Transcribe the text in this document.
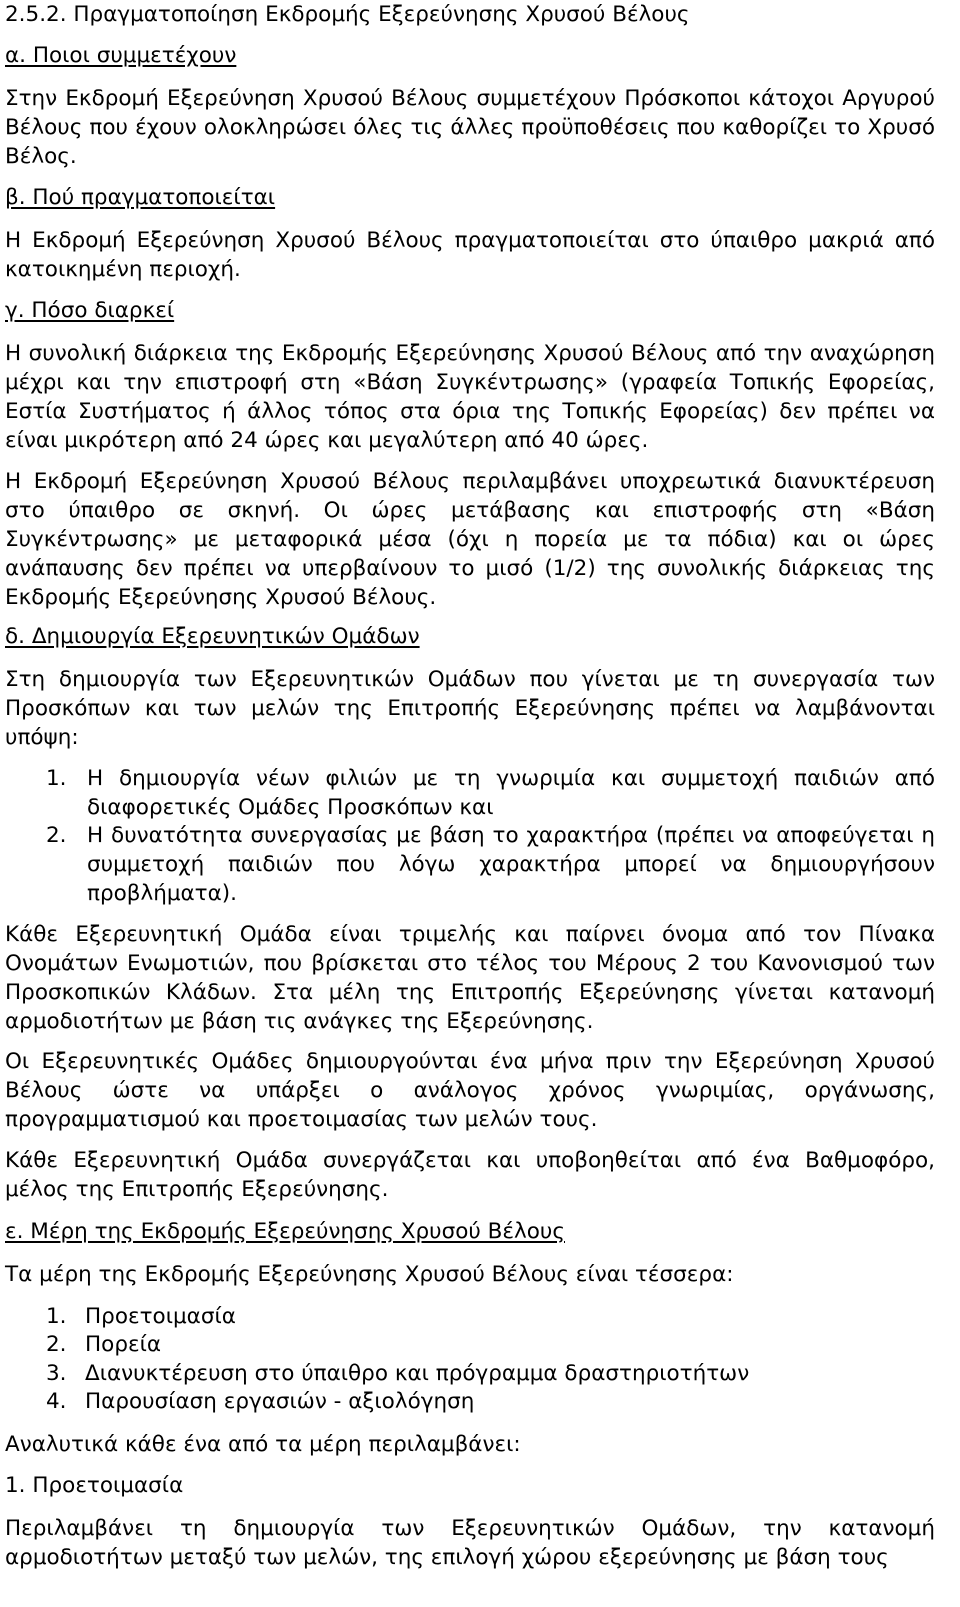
2.5.2. Πραγματοποίηση Εκδρομής Εξερεύνησης Χρυσού Βέλους
α. Ποιοι συμμετέχουν
Στην Εκδρομή Εξερεύνηση Χρυσού Βέλους συμμετέχουν Πρόσκοποι κάτοχοι Αργυρού Βέλους που έχουν ολοκληρώσει όλες τις άλλες προϋποθέσεις που καθορίζει το Χρυσό Βέλος.
β. Πού πραγματοποιείται
Η Εκδρομή Εξερεύνηση Χρυσού Βέλους πραγματοποιείται στο ύπαιθρο μακριά από κατοικημένη περιοχή.
γ. Πόσο διαρκεί
Η συνολική διάρκεια της Εκδρομής Εξερεύνησης Χρυσού Βέλους από την αναχώρηση μέχρι και την επιστροφή στη «Βάση Συγκέντρωσης» (γραφεία Τοπικής Εφορείας, Εστία Συστήματος ή άλλος τόπος στα όρια της Τοπικής Εφορείας) δεν πρέπει να είναι μικρότερη από 24 ώρες και μεγαλύτερη από 40 ώρες.
Η Εκδρομή Εξερεύνηση Χρυσού Βέλους περιλαμβάνει υποχρεωτικά διανυκτέρευση στο ύπαιθρο σε σκηνή. Οι ώρες μετάβασης και επιστροφής στη «Βάση Συγκέντρωσης» με μεταφορικά μέσα (όχι η πορεία με τα πόδια) και οι ώρες ανάπαυσης δεν πρέπει να υπερβαίνουν το μισό (1/2) της συνολικής διάρκειας της Εκδρομής Εξερεύνησης Χρυσού Βέλους.
δ. Δημιουργία Εξερευνητικών Ομάδων
Στη δημιουργία των Εξερευνητικών Ομάδων που γίνεται με τη συνεργασία των Προσκόπων και των μελών της Επιτροπής Εξερεύνησης πρέπει να λαμβάνονται υπόψη:
1. Η δημιουργία νέων φιλιών με τη γνωριμία και συμμετοχή παιδιών από διαφορετικές Ομάδες Προσκόπων και
2. Η δυνατότητα συνεργασίας με βάση το χαρακτήρα (πρέπει να αποφεύγεται η συμμετοχή παιδιών που λόγω χαρακτήρα μπορεί να δημιουργήσουν προβλήματα).
Κάθε Εξερευνητική Ομάδα είναι τριμελής και παίρνει όνομα από τον Πίνακα Ονομάτων Ενωμοτιών, που βρίσκεται στο τέλος του Μέρους 2 του Κανονισμού των Προσκοπικών Κλάδων. Στα μέλη της Επιτροπής Εξερεύνησης γίνεται κατανομή αρμοδιοτήτων με βάση τις ανάγκες της Εξερεύνησης.
Οι Εξερευνητικές Ομάδες δημιουργούνται ένα μήνα πριν την Εξερεύνηση Χρυσού Βέλους ώστε να υπάρξει ο ανάλογος χρόνος γνωριμίας, οργάνωσης, προγραμματισμού και προετοιμασίας των μελών τους.
Κάθε Εξερευνητική Ομάδα συνεργάζεται και υποβοηθείται από ένα Βαθμοφόρο, μέλος της Επιτροπής Εξερεύνησης.
ε. Μέρη της Εκδρομής Εξερεύνησης Χρυσού Βέλους
Τα μέρη της Εκδρομής Εξερεύνησης Χρυσού Βέλους είναι τέσσερα:
1. Προετοιμασία
2. Πορεία
3. Διανυκτέρευση στο ύπαιθρο και πρόγραμμα δραστηριοτήτων
4. Παρουσίαση εργασιών - αξιολόγηση
Αναλυτικά κάθε ένα από τα μέρη περιλαμβάνει:
1. Προετοιμασία
Περιλαμβάνει τη δημιουργία των Εξερευνητικών Ομάδων, την κατανομή αρμοδιοτήτων μεταξύ των μελών, της επιλογή χώρου εξερεύνησης με βάση τους
